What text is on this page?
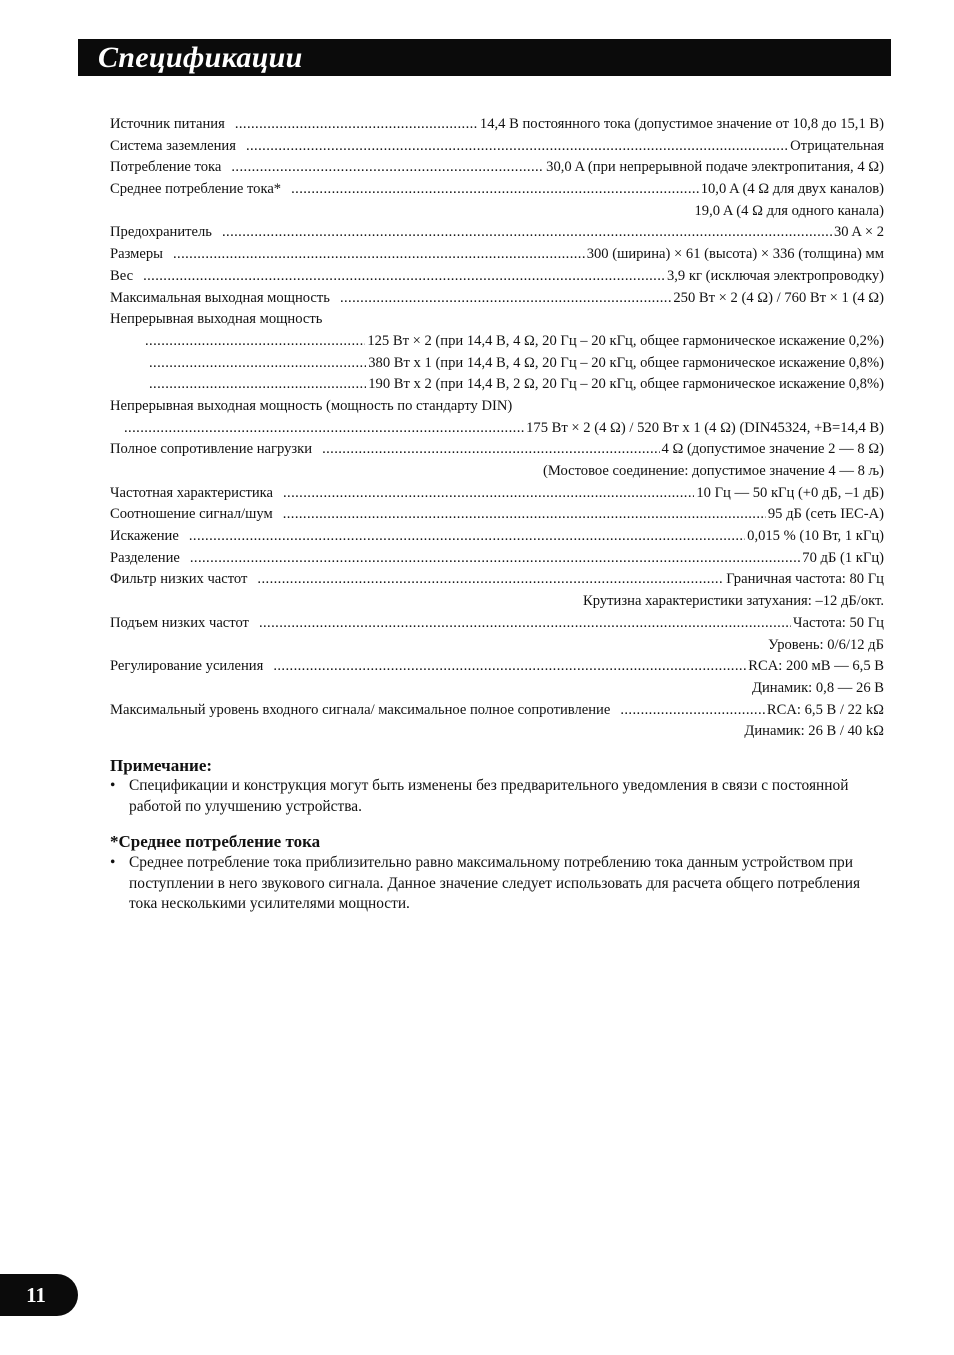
Спецификации
Источник питания .....	14,4 В постоянного тока (допустимое значение от 10,8 до 15,1 В)
Система заземления .....	Отрицательная
Потребление тока .....	30,0 A (при непрерывной подаче электропитания, 4 Ω)
Среднее потребление тока* .....	10,0 A (4 Ω для двух каналов)
19,0 A (4 Ω для одного канала)
Предохранитель .....	30 A × 2
Размеры .....	300 (ширина) × 61 (высота) × 336 (толщина) мм
Вес .....	3,9 кг (исключая электропроводку)
Максимальная выходная мощность .....	250 Вт × 2 (4 Ω) / 760 Вт × 1 (4 Ω)
Непрерывная выходная мощность
.....
125 Вт × 2 (при 14,4 В, 4 Ω, 20 Гц – 20 кГц, общее гармоническое искажение 0,2%)
.....
380 Вт x 1 (при 14,4 В, 4 Ω, 20 Гц – 20 кГц, общее гармоническое искажение 0,8%)
.....
190 Вт x 2 (при 14,4 В, 2 Ω, 20 Гц – 20 кГц, общее гармоническое искажение 0,8%)
Непрерывная выходная мощность (мощность по стандарту DIN)
.....
175 Вт × 2 (4 Ω) / 520 Вт x 1 (4 Ω) (DIN45324, +B=14,4 В)
Полное сопротивление нагрузки .....	4 Ω (допустимое значение 2 — 8 Ω)
(Мостовое соединение: допустимое значение 4 — 8 љ)
Частотная характеристика .....	10 Гц — 50 кГц (+0 дБ, –1 дБ)
Соотношение сигнал/шум .....	95 дБ (сеть IEC-A)
Искажение .....	0,015 % (10 Вт, 1 кГц)
Разделение .....	70 дБ (1 кГц)
Фильтр низких частот .....	Граничная частота: 80 Гц
Крутизна характеристики затухания: –12 дБ/окт.
Подъем низких частот .....	Частота: 50 Гц
Уровень: 0/6/12 дБ
Регулирование усиления .....	RCA: 200 мВ — 6,5 В
Динамик: 0,8 — 26 В
Максимальный уровень входного сигнала/ максимальное полное сопротивление .....	RCA: 6,5 В / 22 kΩ
Динамик: 26 В / 40 kΩ
Примечание:
• Спецификации и конструкция могут быть изменены без предварительного уведомления в связи с постоянной работой по улучшению устройства.
*Среднее потребление тока
• Среднее потребление тока приблизительно равно максимальному потреблению тока данным устройством при поступлении в него звукового сигнала. Данное значение следует использовать для расчета общего потребления тока несколькими усилителями мощности.
11
